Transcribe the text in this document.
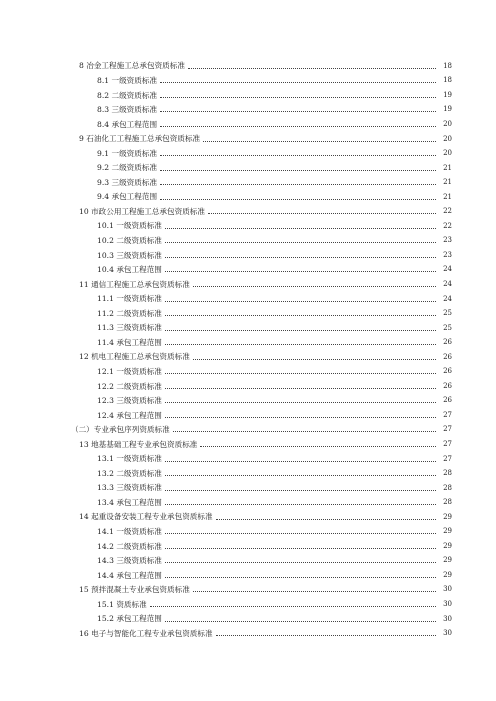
8 冶金工程施工总承包资质标准	18
8.1 一级资质标准	18
8.2 二级资质标准	19
8.3 三级资质标准	19
8.4 承包工程范围	20
9 石油化工工程施工总承包资质标准	20
9.1 一级资质标准	20
9.2 二级资质标准	21
9.3 三级资质标准	21
9.4 承包工程范围	21
10 市政公用工程施工总承包资质标准	22
10.1 一级资质标准	22
10.2 二级资质标准	23
10.3 三级资质标准	23
10.4 承包工程范围	24
11 通信工程施工总承包资质标准	24
11.1 一级资质标准	24
11.2 二级资质标准	25
11.3 三级资质标准	25
11.4 承包工程范围	26
12 机电工程施工总承包资质标准	26
12.1 一级资质标准	26
12.2 二级资质标准	26
12.3 三级资质标准	26
12.4 承包工程范围	27
（二）专业承包序列资质标准	27
13 地基基础工程专业承包资质标准	27
13.1 一级资质标准	27
13.2 二级资质标准	28
13.3 三级资质标准	28
13.4 承包工程范围	28
14 起重设备安装工程专业承包资质标准	29
14.1 一级资质标准	29
14.2 二级资质标准	29
14.3 三级资质标准	29
14.4 承包工程范围	29
15 预拌混凝土专业承包资质标准	30
15.1 资质标准	30
15.2 承包工程范围	30
16 电子与智能化工程专业承包资质标准	30
